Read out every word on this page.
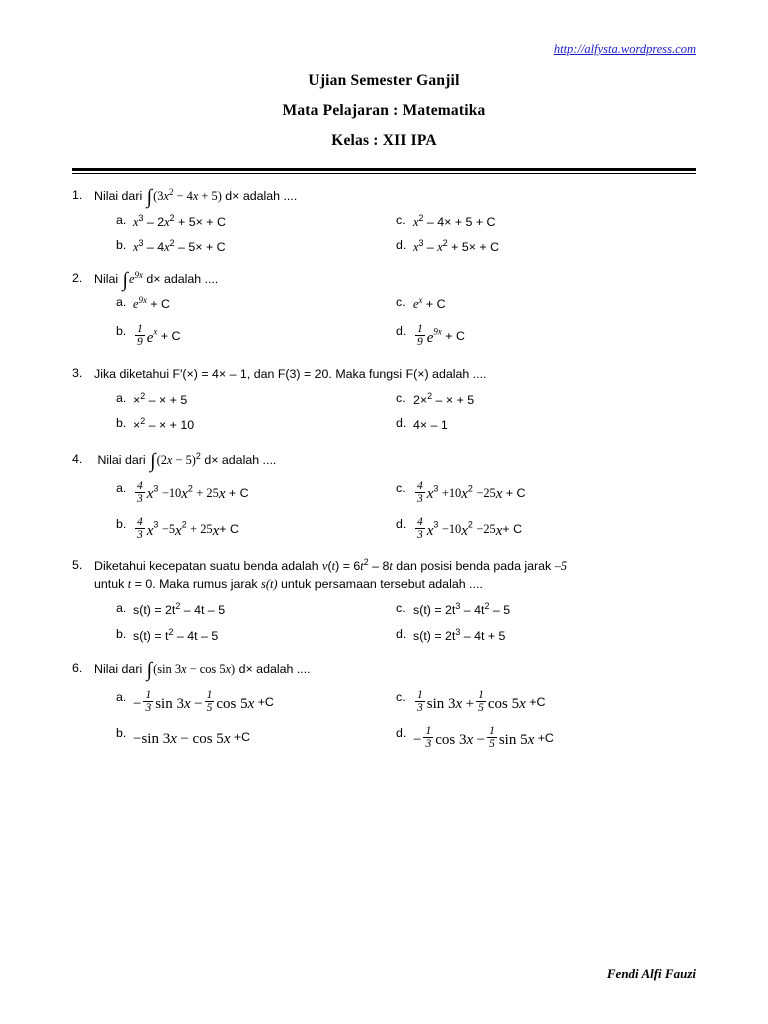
http://alfysta.wordpress.com
Ujian Semester Ganjil
Mata Pelajaran : Matematika
Kelas : XII IPA
1. Nilai dari $\int(3x^2 - 4x + 5)$ d× adalah ....
a. $x^3 - 2x^2 + 5\times + C$	c. $x^2 - 4\times + 5 + C$
b. $x^3 - 4x^2 - 5\times + C$	d. $x^3 - x^2 + 5\times + C$
2. Nilai $\int e^{9x}$ d× adalah ....
a. $e^{9x} + C$	c. $e^x + C$
b. $\frac{1}{9} e^x + C$	d. $\frac{1}{9} e^{9x} + C$
3. Jika diketahui F′(×) = 4× – 1, dan F(3) = 20. Maka fungsi F(×) adalah ....
a. ×$^2$ – × + 5	c. 2×$^2$ – × + 5
b. ×$^2$ – × + 10	d. 4× – 1
4. Nilai dari $\int(2x - 5)^2$ d× adalah ....
a. $\frac{4}{3} x^3 -10x^2 + 25x + C$	c. $\frac{4}{3} x^3 +10x^2 -25x + C$
b. $\frac{4}{3} x^3 -5x^2 + 25x+ C$	d. $\frac{4}{3} x^3 -10x^2 -25x+ C$
5. Diketahui kecepatan suatu benda adalah $v(t) = 6t^2 - 8t$ dan posisi benda pada jarak –5
untuk t = 0. Maka rumus jarak s(t) untuk persamaan tersebut adalah ....
a. $s(t) = 2t^2 - 4t - 5$	c. $s(t) = 2t^3 - 4t^2 - 5$
b. $s(t) = t^2 - 4t - 5$	d. $s(t) = 2t^3 - 4t + 5$
6. Nilai dari ∫(sin 3x − cos 5x) d× adalah ....
a. − $\frac{1}{3}$ $\sin 3x - \frac{1}{5}$ cos 5x +C	c. $\frac{1}{3}$ $\sin 3x + \frac{1}{5}$ cos 5x +C
b. −sin 3x − cos 5x +C	d. − $\frac{1}{3}$ $\cos 3x - \frac{1}{5}$ sin 5x +C
Fendi Alfi Fauzi
